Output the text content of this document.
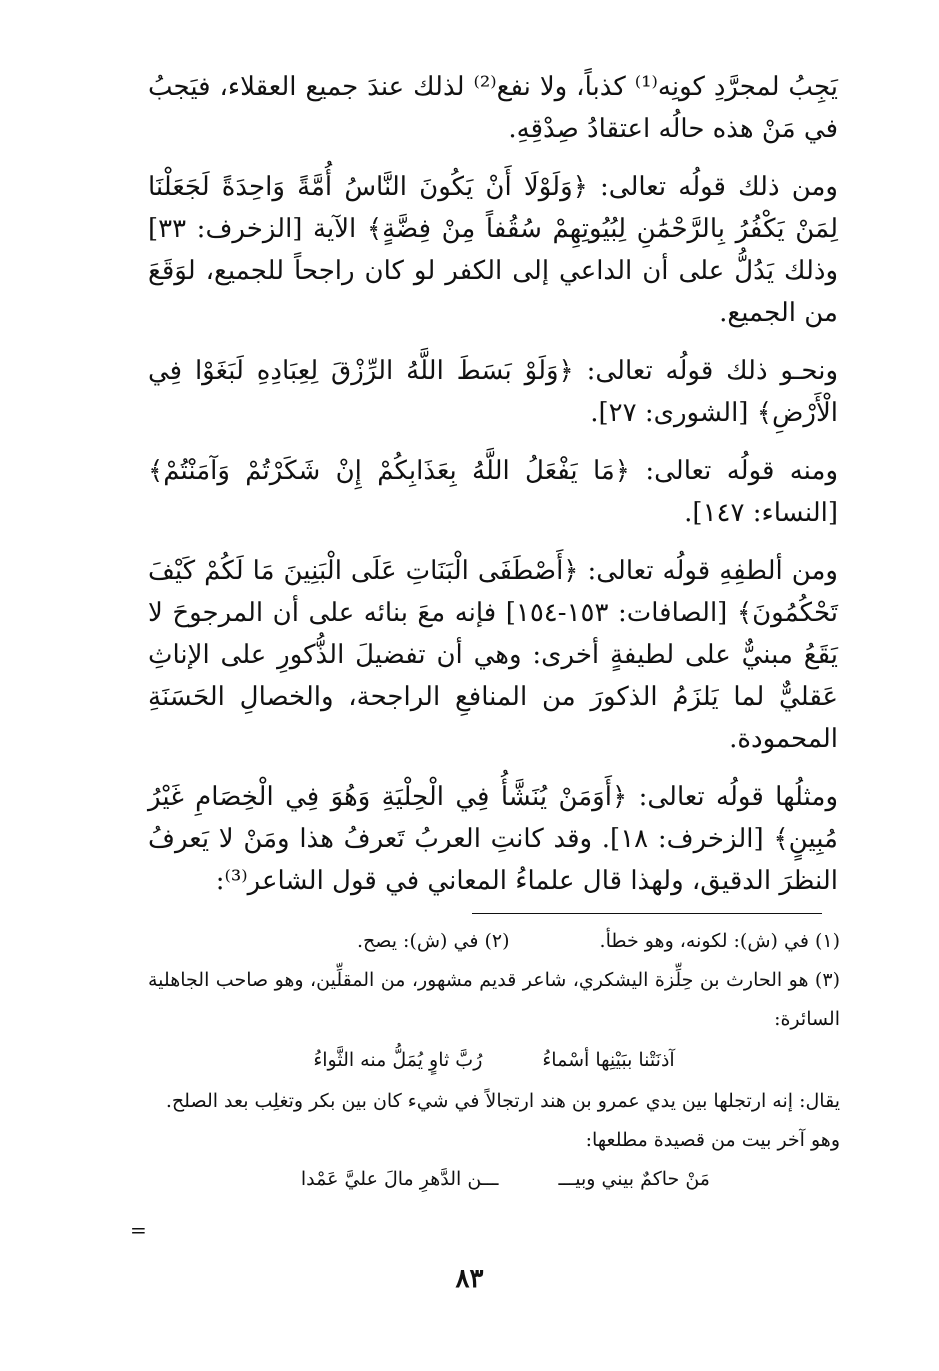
يَجِبُ لمجرَّدِ كونِه⁽¹⁾ كذباً، ولا نفع⁽²⁾ لذلك عندَ جميع العقلاء، فيَجبُ في مَنْ هذه حالُه اعتقادُ صِدْقِهِ.

ومن ذلك قولُه تعالى: ﴿وَلَوْلَا أَنْ يَكُونَ النَّاسُ أُمَّةً وَاحِدَةً لَجَعَلْنَا لِمَنْ يَكْفُرُ بِالرَّحْمَٰنِ لِبُيُوتِهِمْ سُقُفاً مِنْ فِضَّةٍ﴾ الآية [الزخرف: ٣٣] وذلك يَدُلُّ على أن الداعي إلى الكفر لو كان راجحاً للجميع، لوَقَعَ من الجميع.

ونحـو ذلك قولُه تعالى: ﴿وَلَوْ بَسَطَ اللَّهُ الرِّزْقَ لِعِبَادِهِ لَبَغَوْا فِي الْأَرْضِ﴾ [الشورى: ٢٧].

ومنه قولُه تعالى: ﴿مَا يَفْعَلُ اللَّهُ بِعَذَابِكُمْ إِنْ شَكَرْتُمْ وَآمَنْتُمْ﴾ [النساء: ١٤٧].

ومن ألطفِهِ قولُه تعالى: ﴿أَصْطَفَى الْبَنَاتِ عَلَى الْبَنِينَ مَا لَكُمْ كَيْفَ تَحْكُمُونَ﴾ [الصافات: ١٥٣-١٥٤] فإنه معَ بنائه على أن المرجوحَ لا يَقَعُ مبنيٌّ على لطيفةٍ أخرى: وهي أن تفضيلَ الذُّكورِ على الإناثِ عَقليٌّ لما يَلزَمُ الذكورَ من المنافعِ الراجحة، والخصالِ الحَسَنَةِ المحمودة.

ومثلُها قولُه تعالى: ﴿أَوَمَنْ يُنَشَّأُ فِي الْحِلْيَةِ وَهُوَ فِي الْخِصَامِ غَيْرُ مُبِينٍ﴾ [الزخرف: ١٨]. وقد كانتِ العربُ تَعرفُ هذا ومَنْ لا يَعرفُ النظرَ الدقيق، ولهذا قال علماءُ المعاني في قول الشاعر⁽³⁾:

(١) في (ش): لكونه، وهو خطأ.
(٢) في (ش): يصح.

(٣) هو الحارث بن حِلِّزة اليشكري، شاعر قديم مشهور، من المقلِّين، وهو صاحب الجاهلية السائرة:

آذنَتْنا ببَيْنِها أسْماءُ
رُبَّ ثاوٍ يُمَلُّ منه الثَّواءُ

يقال: إنه ارتجلها بين يدي عمرو بن هند ارتجالاً في شيء كان بين بكر وتغلِب بعد الصلح.

وهو آخر بيت من قصيدة مطلعها:

مَنْ حاكمٌ بيني وبيـــ
ـــن الدَّهرِ مالَ عليَّ عَمْدا
=
٨٣
